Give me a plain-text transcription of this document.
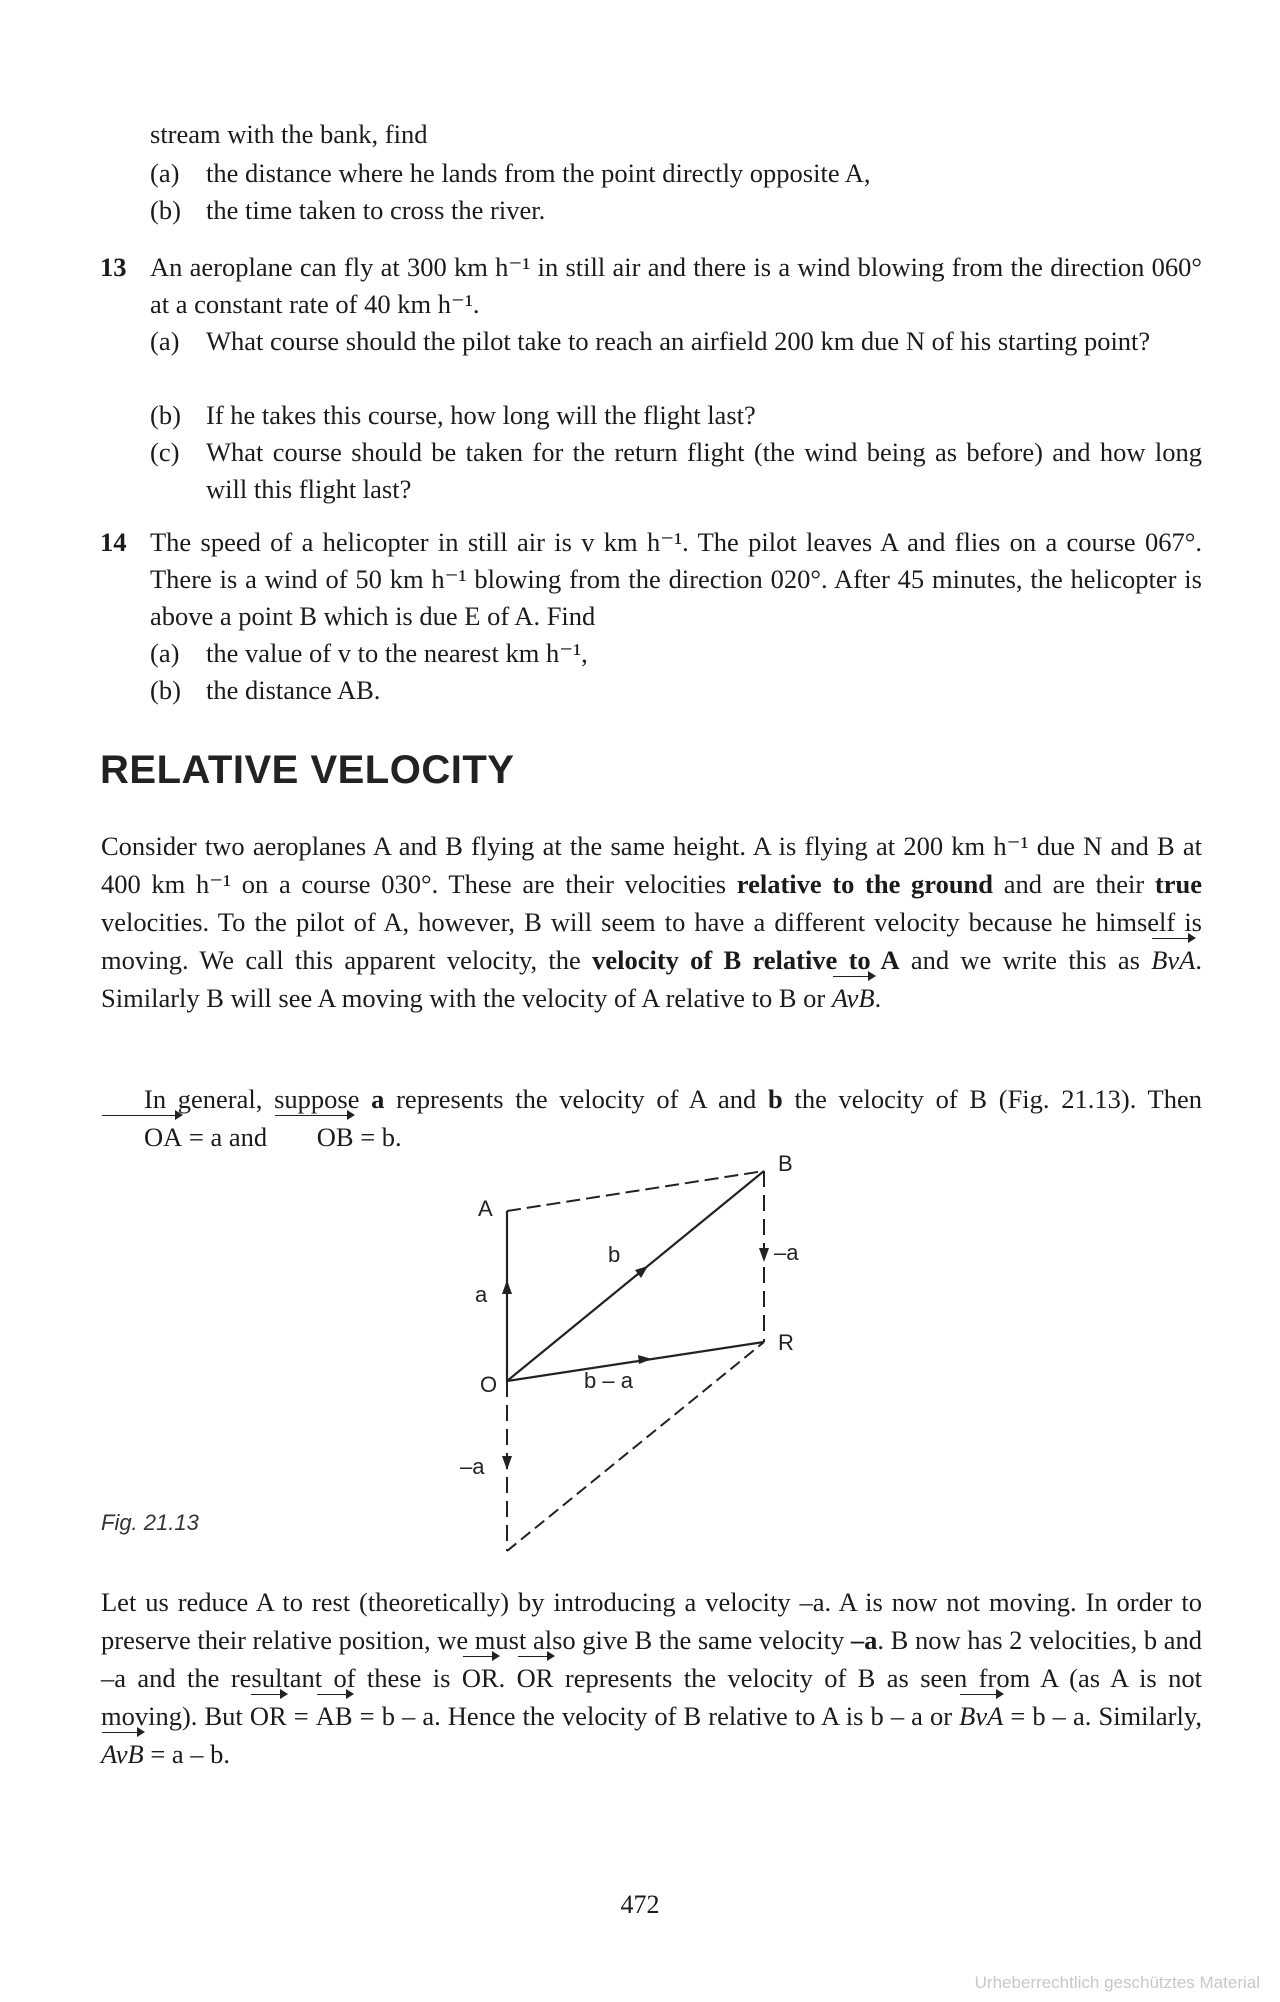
stream with the bank, find
(a) the distance where he lands from the point directly opposite A,
(b) the time taken to cross the river.
13 An aeroplane can fly at 300 km h⁻¹ in still air and there is a wind blowing from the direction 060° at a constant rate of 40 km h⁻¹.
(a) What course should the pilot take to reach an airfield 200 km due N of his starting point?
(b) If he takes this course, how long will the flight last?
(c) What course should be taken for the return flight (the wind being as before) and how long will this flight last?
14 The speed of a helicopter in still air is v km h⁻¹. The pilot leaves A and flies on a course 067°. There is a wind of 50 km h⁻¹ blowing from the direction 020°. After 45 minutes, the helicopter is above a point B which is due E of A. Find
(a) the value of v to the nearest km h⁻¹,
(b) the distance AB.
RELATIVE VELOCITY
Consider two aeroplanes A and B flying at the same height. A is flying at 200 km h⁻¹ due N and B at 400 km h⁻¹ on a course 030°. These are their velocities relative to the ground and are their true velocities. To the pilot of A, however, B will seem to have a different velocity because he himself is moving. We call this apparent velocity, the velocity of B relative to A and we write this as BvA. Similarly B will see A moving with the velocity of A relative to B or AvB.
In general, suppose a represents the velocity of A and b the velocity of B (Fig. 21.13). Then OA = a and OB = b.
A
B
O
R
a
b	–a
b – a
–a
Fig. 21.13
Let us reduce A to rest (theoretically) by introducing a velocity –a. A is now not moving. In order to preserve their relative position, we must also give B the same velocity –a. B now has 2 velocities, b and –a and the resultant of these is OR. OR represents the velocity of B as seen from A (as A is not moving). But OR = AB = b – a. Hence the velocity of B relative to A is b – a or BvA = b – a. Similarly, AvB = a – b.
472
Urheberrechtlich geschütztes Material
